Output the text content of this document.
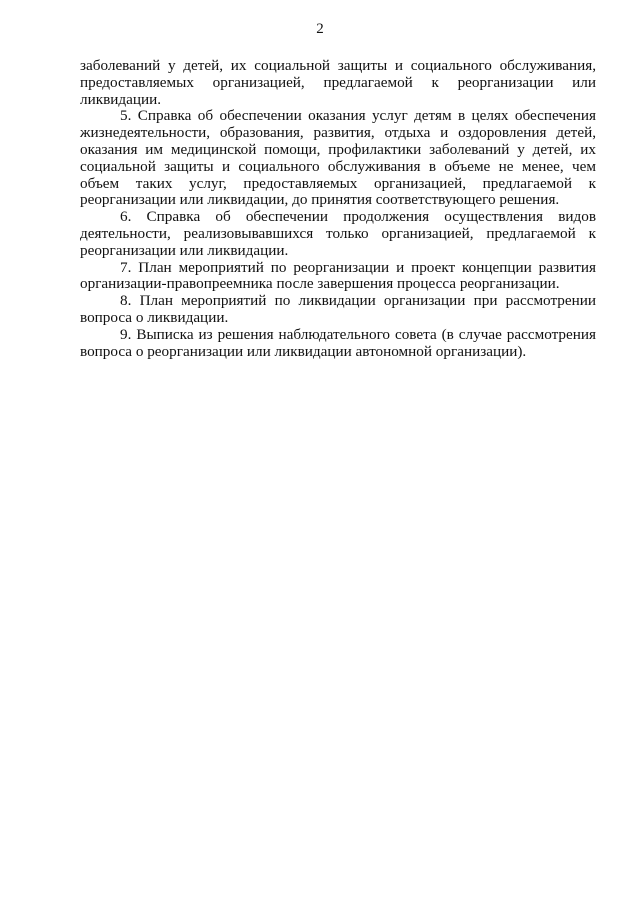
2

заболеваний у детей, их социальной защиты и социального обслуживания, предоставляемых организацией, предлагаемой к реорганизации или ликвидации.

5. Справка об обеспечении оказания услуг детям в целях обеспечения жизнедеятельности, образования, развития, отдыха и оздоровления детей, оказания им медицинской помощи, профилактики заболеваний у детей, их социальной защиты и социального обслуживания в объеме не менее, чем объем таких услуг, предоставляемых организацией, предлагаемой к реорганизации или ликвидации, до принятия соответствующего решения.

6. Справка об обеспечении продолжения осуществления видов деятельности, реализовывавшихся только организацией, предлагаемой к реорганизации или ликвидации.

7. План мероприятий по реорганизации и проект концепции развития организации-правопреемника после завершения процесса реорганизации.

8. План мероприятий по ликвидации организации при рассмотрении вопроса о ликвидации.

9. Выписка из решения наблюдательного совета (в случае рассмотрения вопроса о реорганизации или ликвидации автономной организации).
